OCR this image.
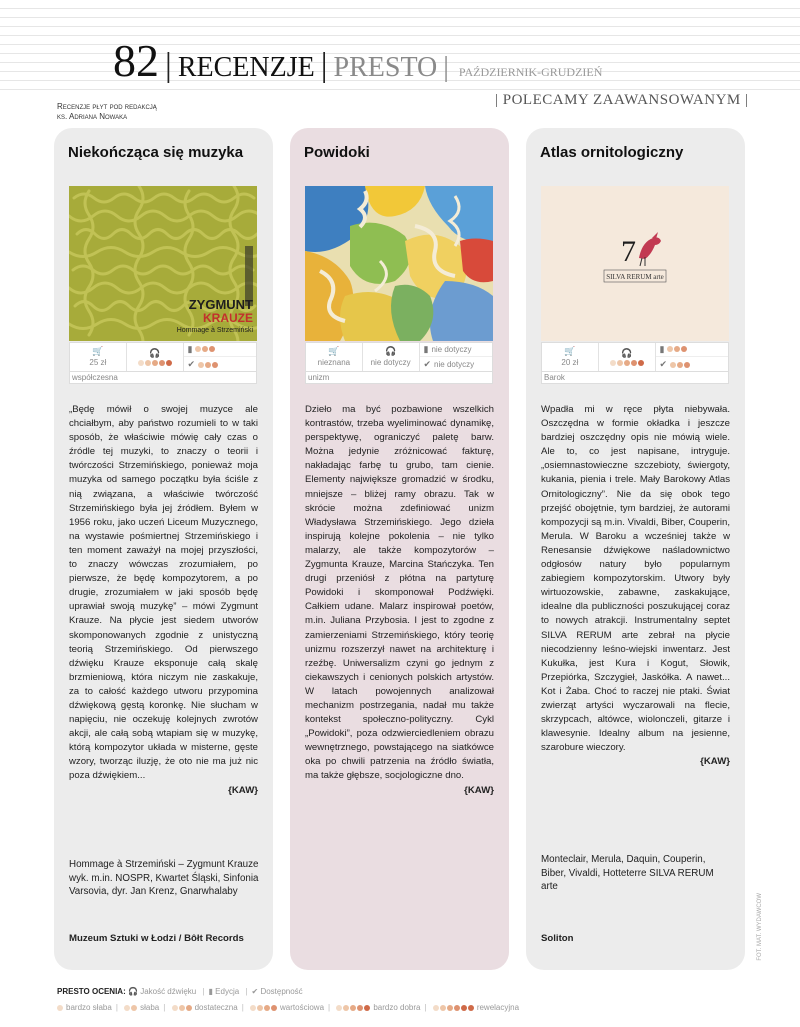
82 | RECENZJE | PRESTO | PAŹDZIERNIK-GRUDZIEŃ
Recenzje płyt pod redakcją
ks. Adriana Nowaka
| POLECAMY ZAAWANSOWANYM |
Niekończąca się muzyka
ZYGMUNT
KRAUZE
Hommage à Strzemiński
🛒
25 zł
🎧	▮
✔
współczesna
„Będę mówił o swojej muzyce ale chciałbym, aby państwo rozumieli to w taki sposób, że właściwie mówię cały czas o źródle tej muzyki, to znaczy o teorii i twórczości Strzemińskiego, ponieważ moja muzyka od samego początku była ściśle z nią związana, a właściwie twórczość Strzemińskiego była jej źródłem. Byłem w 1956 roku, jako uczeń Liceum Muzycznego, na wystawie pośmiertnej Strzemińskiego i ten moment zaważył na mojej przyszłości, to znaczy wówczas zrozumiałem, po pierwsze, że będę kompozytorem, a po drugie, zrozumiałem w jaki sposób będę uprawiał swoją muzykę” – mówi Zygmunt Krauze. Na płycie jest siedem utworów skomponowanych zgodnie z unistyczną teorią Strzemińskiego. Od pierwszego dźwięku Krauze eksponuje całą skalę brzmieniową, która niczym nie zaskakuje, za to całość każdego utworu przypomina dźwiękową gęstą koronkę. Nie słucham w napięciu, nie oczekuję kolejnych zwrotów akcji, ale całą sobą wtapiam się w muzykę, którą kompozytor układa w misterne, gęste wzory, tworząc iluzję, że oto nie ma już nic poza dźwiękiem...
{KAW}
Hommage à Strzemiński – Zygmunt Krauze wyk. m.in. NOSPR, Kwartet Śląski, Sinfonia Varsovia, dyr. Jan Krenz, Gnarwhalaby
Muzeum Sztuki w Łodzi / Bôłt Records
Powidoki
🛒
nieznana
🎧
nie dotyczy
▮ nie dotyczy
✔ nie dotyczy
unizm
Dzieło ma być pozbawione wszelkich kontrastów, trzeba wyeliminować dynamikę, perspektywę, ograniczyć paletę barw. Można jedynie zróżnicować fakturę, nakładając farbę tu grubo, tam cienie. Elementy największe gromadzić w środku, mniejsze – bliżej ramy obrazu. Tak w skrócie można zdefiniować unizm Władysława Strzemińskiego. Jego dzieła inspirują kolejne pokolenia – nie tylko malarzy, ale także kompozytorów – Zygmunta Krauze, Marcina Stańczyka. Ten drugi przeniósł z płótna na partyturę Powidoki i skomponował Podźwięki. Całkiem udane. Malarz inspirował poetów, m.in. Juliana Przybosia. I jest to zgodne z zamierzeniami Strzemińskiego, który teorię unizmu rozszerzył nawet na architekturę i rzeźbę. Uniwersalizm czyni go jednym z ciekawszych i cenionych polskich artystów. W latach powojennych analizował mechanizm postrzegania, nadał mu także kontekst społeczno-polityczny. Cykl „Powidoki”, poza odzwierciedleniem obrazu wewnętrznego, powstającego na siatkówce oka po chwili patrzenia na źródło światła, ma także głębsze, socjologiczne dno.
{KAW}
Atlas ornitologiczny
7
SILVA RERUM arte
🛒
20 zł
🎧	▮
✔
Barok
Wpadła mi w ręce płyta niebywała. Oszczędna w formie okładka i jeszcze bardziej oszczędny opis nie mówią wiele. Ale to, co jest napisane, intryguje. „osiemnastowieczne szczebioty, świergoty, kukania, pienia i trele. Mały Barokowy Atlas Ornitologiczny”. Nie da się obok tego przejść obojętnie, tym bardziej, że autorami kompozycji są m.in. Vivaldi, Biber, Couperin, Merula. W Baroku a wcześniej także w Renesansie dźwiękowe naśladownictwo odgłosów natury było popularnym zabiegiem kompozytorskim. Utwory były wirtuozowskie, zabawne, zaskakujące, idealne dla publiczności poszukującej coraz to nowych atrakcji. Instrumentalny septet SILVA RERUM arte zebrał na płycie niecodzienny leśno-wiejski inwentarz. Jest Kukułka, jest Kura i Kogut, Słowik, Przepiórka, Szczygieł, Jaskółka. A nawet... Kot i Żaba. Choć to raczej nie ptaki. Świat zwierząt artyści wyczarowali na flecie, skrzypcach, altówce, wiolonczeli, gitarze i klawesynie. Idealny album na jesienne, szarobure wieczory.
{KAW}
Monteclair, Merula, Daquin, Couperin, Biber, Vivaldi, Hotteterre SILVA RERUM arte
Soliton	FOT. MAT. WYDAWCÓW
PRESTO OCENIA: 🎧 Jakość dźwięku | ▮ Edycja | ✔ Dostępność
bardzo słaba |	słaba |	dostateczna |	wartościowa |	bardzo dobra |	rewelacyjna
